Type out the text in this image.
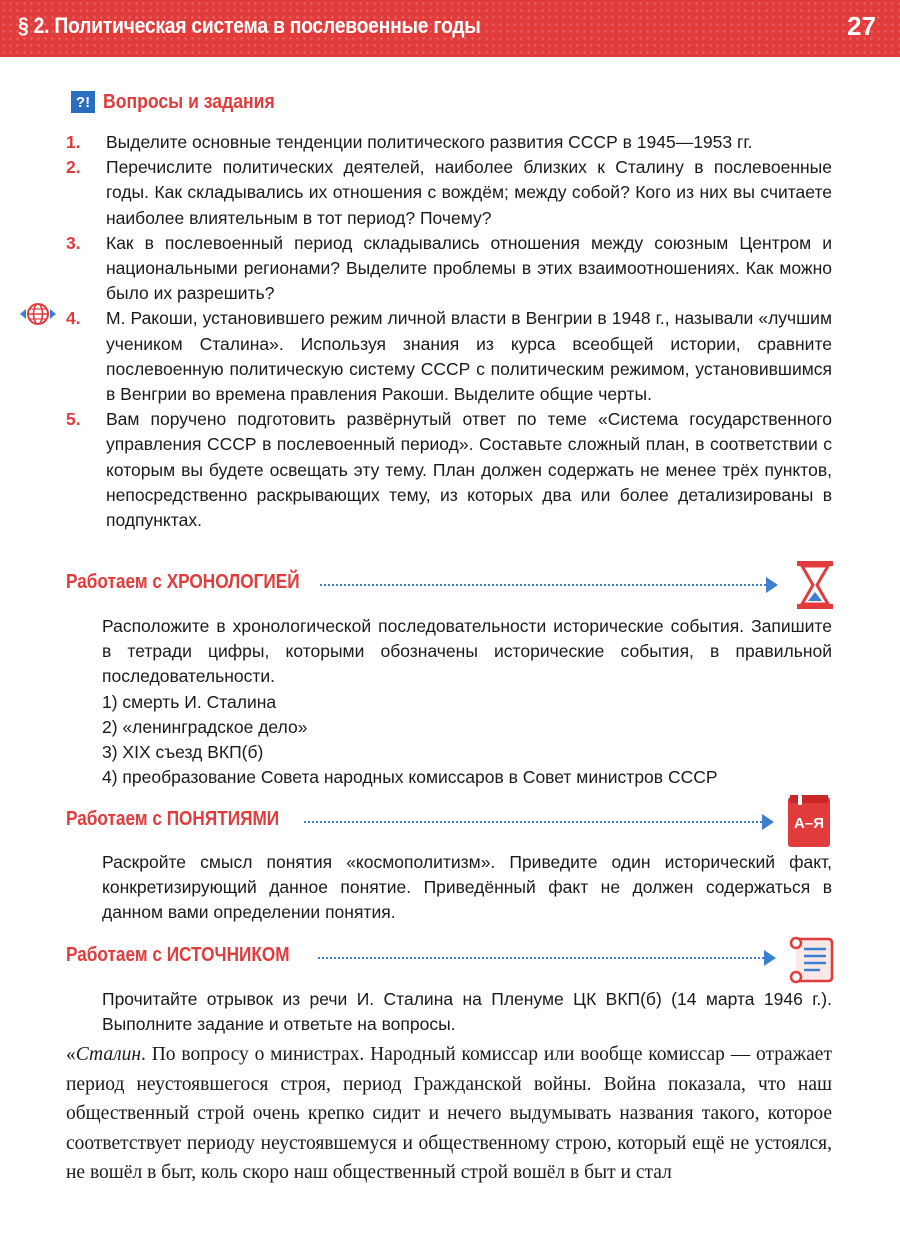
§ 2. Политическая система в послевоенные годы	27
?! Вопросы и задания
1.	Выделите основные тенденции политического развития СССР в 1945—1953 гг.
2.	Перечислите политических деятелей, наиболее близких к Сталину в послевоенные годы. Как складывались их отношения с вождём; между собой? Кого из них вы считаете наиболее влиятельным в тот период? Почему?
3.	Как в послевоенный период складывались отношения между союзным Центром и национальными регионами? Выделите проблемы в этих взаимоотношениях. Как можно было их разрешить?
4.	М. Ракоши, установившего режим личной власти в Венгрии в 1948 г., называли «лучшим учеником Сталина». Используя знания из курса всеобщей истории, сравните послевоенную политическую систему СССР с политическим режимом, установившимся в Венгрии во времена правления Ракоши. Выделите общие черты.
5.	Вам поручено подготовить развёрнутый ответ по теме «Система государственного управления СССР в послевоенный период». Составьте сложный план, в соответствии с которым вы будете освещать эту тему. План должен содержать не менее трёх пунктов, непосредственно раскрывающих тему, из которых два или более детализированы в подпунктах.
Работаем с ХРОНОЛОГИЕЙ

Расположите в хронологической последовательности исторические события. Запишите в тетради цифры, которыми обозначены исторические события, в правильной последовательности.

1) смерть И. Сталина

2) «ленинградское дело»

3) XIX съезд ВКП(б)

4) преобразование Совета народных комиссаров в Совет министров СССР

Работаем с ПОНЯТИЯМИ	А–Я

Раскройте смысл понятия «космополитизм». Приведите один исторический факт, конкретизирующий данное понятие. Приведённый факт не должен содержаться в данном вами определении понятия.

Работаем с ИСТОЧНИКОМ

Прочитайте отрывок из речи И. Сталина на Пленуме ЦК ВКП(б) (14 марта 1946 г.). Выполните задание и ответьте на вопросы.

«Сталин. По вопросу о министрах. Народный комиссар или вообще комиссар — отражает период неустоявшегося строя, период Гражданской войны. Война показала, что наш общественный строй очень крепко сидит и нечего выдумывать названия такого, которое соответствует периоду неустоявшемуся и общественному строю, который ещё не устоялся, не вошёл в быт, коль скоро наш общественный строй вошёл в быт и стал
